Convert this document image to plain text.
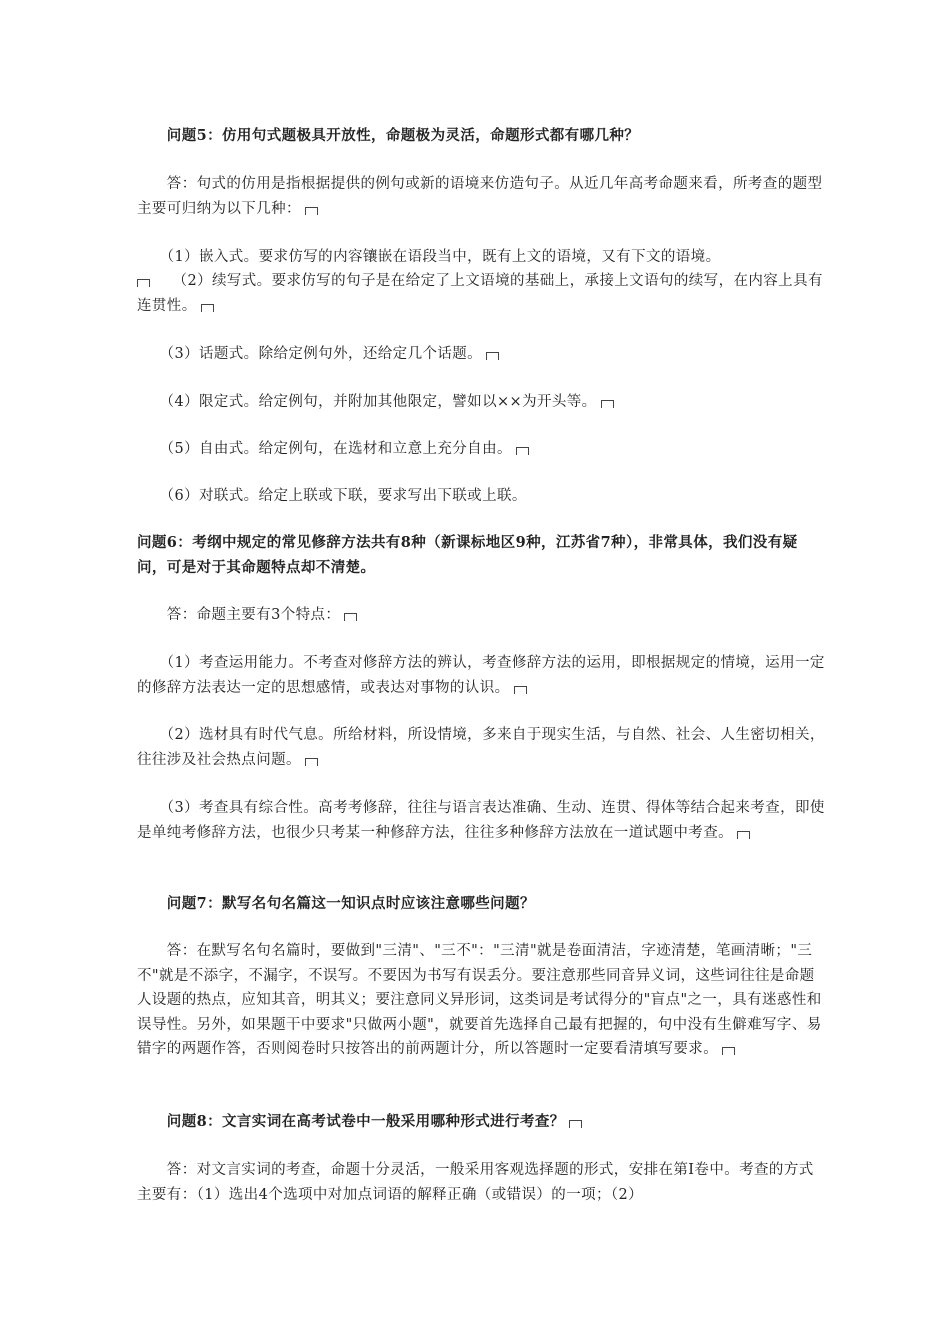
　　问题5：仿用句式题极具开放性，命题极为灵活，命题形式都有哪几种？

　　答：句式的仿用是指根据提供的例句或新的语境来仿造句子。从近几年高考命题来看，所考查的题型主要可归纳为以下几种：

　　（1）嵌入式。要求仿写的内容镶嵌在语段当中，既有上文的语境，又有下文的语境。

　　（2）续写式。要求仿写的句子是在给定了上文语境的基础上，承接上文语句的续写，在内容上具有连贯性。

　　（3）话题式。除给定例句外，还给定几个话题。

　　（4）限定式。给定例句，并附加其他限定，譬如以××为开头等。

　　（5）自由式。给定例句，在选材和立意上充分自由。

　　（6）对联式。给定上联或下联，要求写出下联或上联。

问题6：考纲中规定的常见修辞方法共有8种（新课标地区9种，江苏省7种），非常具体，我们没有疑问，可是对于其命题特点却不清楚。

　　答：命题主要有3个特点：

　　（1）考查运用能力。不考查对修辞方法的辨认，考查修辞方法的运用，即根据规定的情境，运用一定的修辞方法表达一定的思想感情，或表达对事物的认识。

　　（2）选材具有时代气息。所给材料，所设情境，多来自于现实生活，与自然、社会、人生密切相关，往往涉及社会热点问题。

　　（3）考查具有综合性。高考考修辞，往往与语言表达准确、生动、连贯、得体等结合起来考查，即使是单纯考修辞方法，也很少只考某一种修辞方法，往往多种修辞方法放在一道试题中考查。

　　问题7：默写名句名篇这一知识点时应该注意哪些问题？

　　答：在默写名句名篇时，要做到"三清"、"三不"："三清"就是卷面清洁，字迹清楚，笔画清晰；"三不"就是不添字，不漏字，不误写。不要因为书写有误丢分。要注意那些同音异义词，这些词往往是命题人设题的热点，应知其音，明其义；要注意同义异形词，这类词是考试得分的"盲点"之一，具有迷惑性和误导性。另外，如果题干中要求"只做两小题"，就要首先选择自己最有把握的，句中没有生僻难写字、易错字的两题作答，否则阅卷时只按答出的前两题计分，所以答题时一定要看清填写要求。

　　问题8：文言实词在高考试卷中一般采用哪种形式进行考查？

　　答：对文言实词的考查，命题十分灵活，一般采用客观选择题的形式，安排在第Ⅰ卷中。考查的方式主要有：（1）选出4个选项中对加点词语的解释正确（或错误）的一项；（2）
